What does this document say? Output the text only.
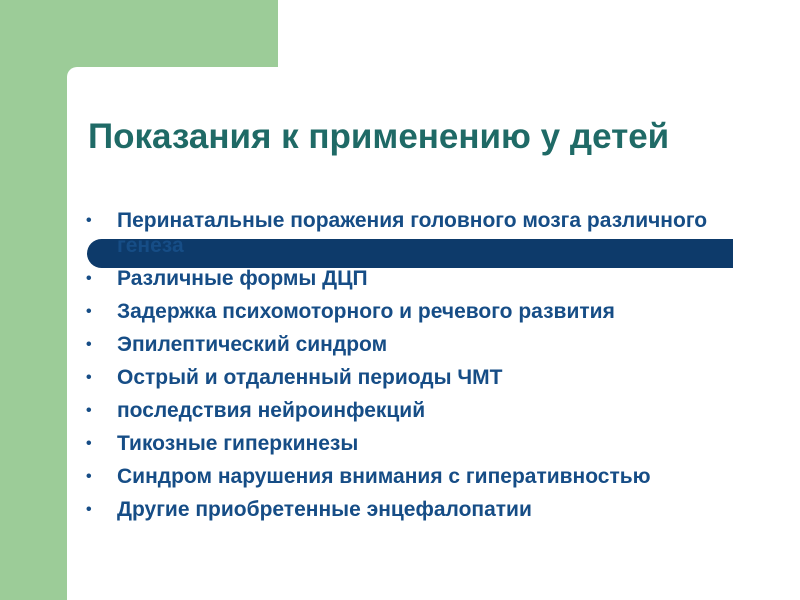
Показания к применению у детей
•	Перинатальные поражения головного мозга различного генеза
•	Различные формы ДЦП
•	Задержка психомоторного и речевого развития
•	Эпилептический синдром
•	Острый и отдаленный периоды ЧМТ
•	последствия нейроинфекций
•	Тикозные гиперкинезы
•	Синдром нарушения внимания с гиперативностью
•	Другие приобретенные энцефалопатии
